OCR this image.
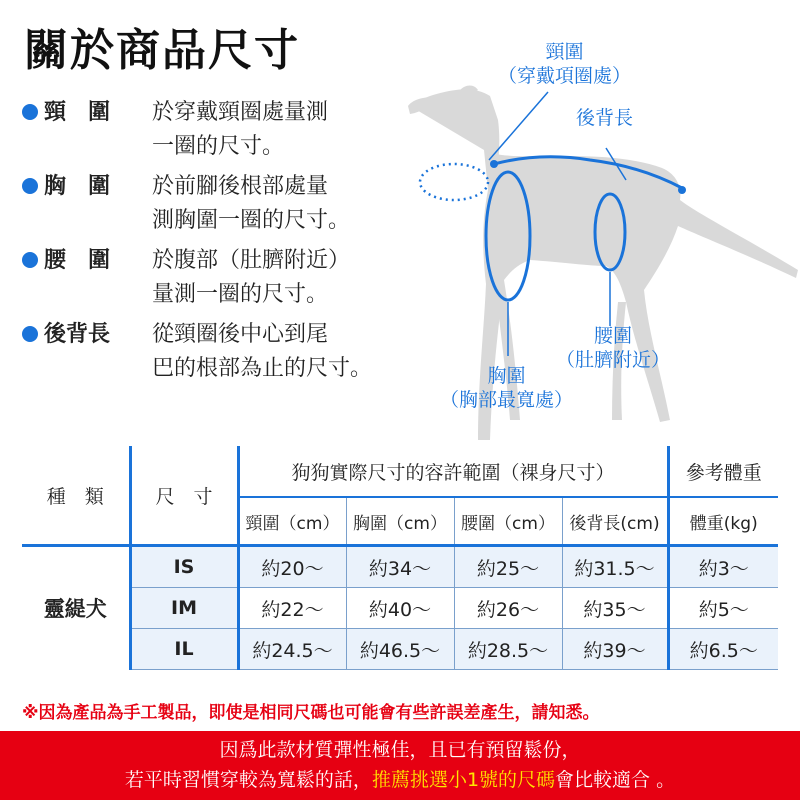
關於商品尺寸
頸　圍 於穿戴頸圈處量測
一圈的尺寸。
胸　圍 於前腳後根部處量
測胸圍一圈的尺寸。
腰　圍 於腹部（肚臍附近）
量測一圈的尺寸。
後背長 從頸圈後中心到尾
巴的根部為止的尺寸。
頸圍
（穿戴項圈處）
後背長
腰圍
（肚臍附近）
胸圍
（胸部最寬處）
種　類	尺　寸	狗狗實際尺寸的容許範圍（裸身尺寸）				參考體重
		頸圍（cm）	胸圍（cm）	腰圍（cm）	後背長(cm)	體重(kg)
靈緹犬	IS	約20～	約34～	約25～	約31.5～	約3～
	IM	約22～	約40～	約26～	約35～	約5～
	IL	約24.5～	約46.5～	約28.5～	約39～	約6.5～
※因為產品為手工製品，即使是相同尺碼也可能會有些許誤差產生，請知悉。
因爲此款材質彈性極佳，且已有預留鬆份，
若平時習慣穿較為寬鬆的話，推薦挑選小1號的尺碼會比較適合 。
